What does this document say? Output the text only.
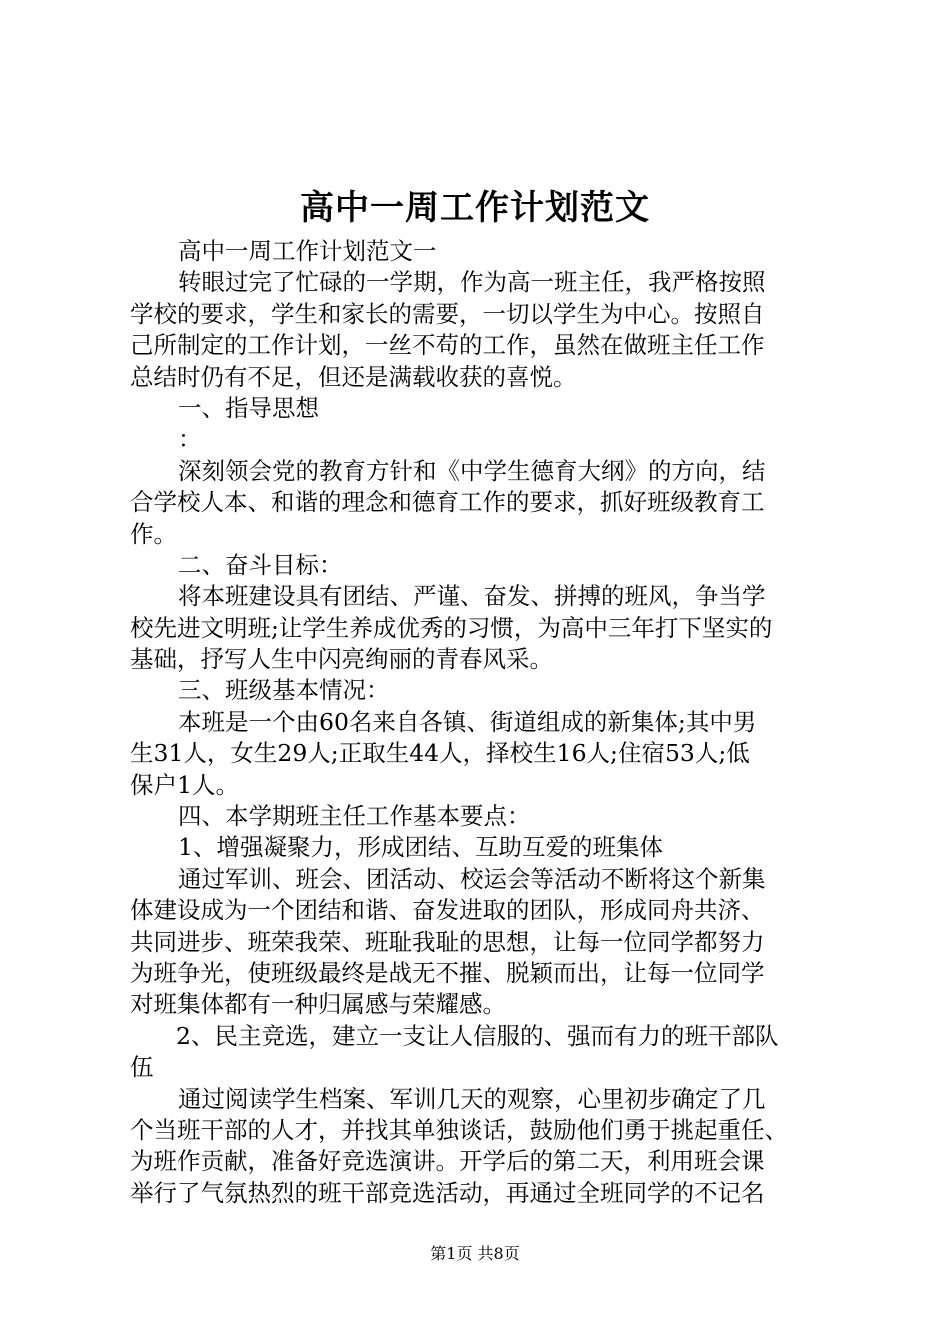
高中一周工作计划范文
高中一周工作计划范文一
转眼过完了忙碌的一学期，作为高一班主任，我严格按照
学校的要求，学生和家长的需要，一切以学生为中心。按照自
己所制定的工作计划，一丝不苟的工作，虽然在做班主任工作
总结时仍有不足，但还是满载收获的喜悦。
一、指导思想
：
深刻领会党的教育方针和《中学生德育大纲》的方向，结
合学校人本、和谐的理念和德育工作的要求，抓好班级教育工
作。
二、奋斗目标：
将本班建设具有团结、严谨、奋发、拼搏的班风，争当学
校先进文明班;让学生养成优秀的习惯，为高中三年打下坚实的
基础，抒写人生中闪亮绚丽的青春风采。
三、班级基本情况：
本班是一个由60名来自各镇、街道组成的新集体;其中男
生31人，女生29人;正取生44人，择校生16人;住宿53人;低
保户1人。
四、本学期班主任工作基本要点：
1、增强凝聚力，形成团结、互助互爱的班集体
通过军训、班会、团活动、校运会等活动不断将这个新集
体建设成为一个团结和谐、奋发进取的团队，形成同舟共济、
共同进步、班荣我荣、班耻我耻的思想，让每一位同学都努力
为班争光，使班级最终是战无不摧、脱颖而出，让每一位同学
对班集体都有一种归属感与荣耀感。
2、民主竞选，建立一支让人信服的、强而有力的班干部队
伍
通过阅读学生档案、军训几天的观察，心里初步确定了几
个当班干部的人才，并找其单独谈话，鼓励他们勇于挑起重任、
为班作贡献，准备好竞选演讲。开学后的第二天，利用班会课
举行了气氛热烈的班干部竞选活动，再通过全班同学的不记名
第1页 共8页
